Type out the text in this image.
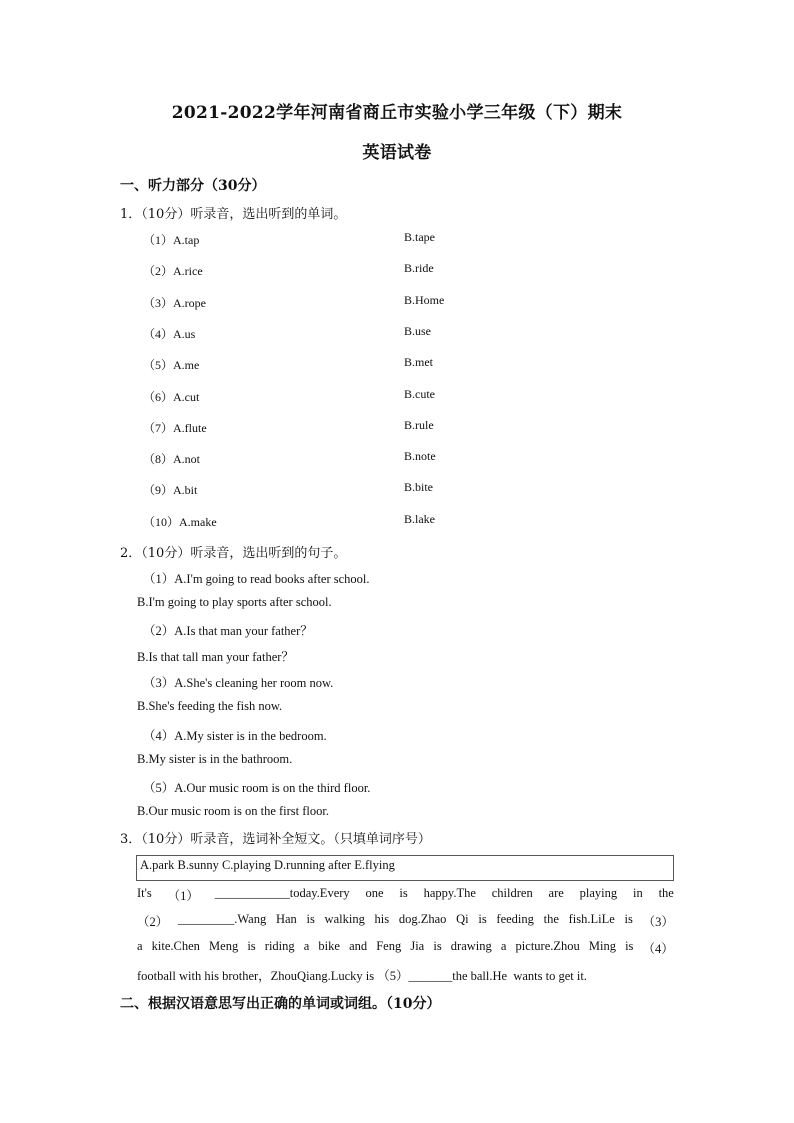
2021-2022学年河南省商丘市实验小学三年级（下）期末
英语试卷
一、听力部分（30分）
1．（10分）听录音，选出听到的单词。
（1）A.tap	B.tape
（2）A.rice	B.ride
（3）A.rope	B.Home
（4）A.us	B.use
（5）A.me	B.met
（6）A.cut	B.cute
（7）A.flute	B.rule
（8）A.not	B.note
（9）A.bit	B.bite
（10）A.make	B.lake
2．（10分）听录音，选出听到的句子。
（1）A.I'm going to read books after school.
B.I'm going to play sports after school.
（2）A.Is that man your father？
B.Is that tall man your father？
（3）A.She's cleaning her room now.
B.She's feeding the fish now.
（4）A.My sister is in the bedroom.
B.My sister is in the bathroom.
（5）A.Our music room is on the third floor.
B.Our music room is on the first floor.
3．（10分）听录音，选词补全短文。（只填单词序号）
A.park B.sunny C.playing D.running after E.flying
It's （1） ____________today.Every one is happy.The children are playing in the
（2） _________.Wang Han is walking his dog.Zhao Qi is feeding the fish.LiLe is （3）
a kite.Chen Meng is riding a bike and Feng Jia is drawing a picture.Zhou Ming is （4）
football with his brother，ZhouQiang.Lucky is （5）_______the ball.He  wants to get it.
二、根据汉语意思写出正确的单词或词组。（10分）
